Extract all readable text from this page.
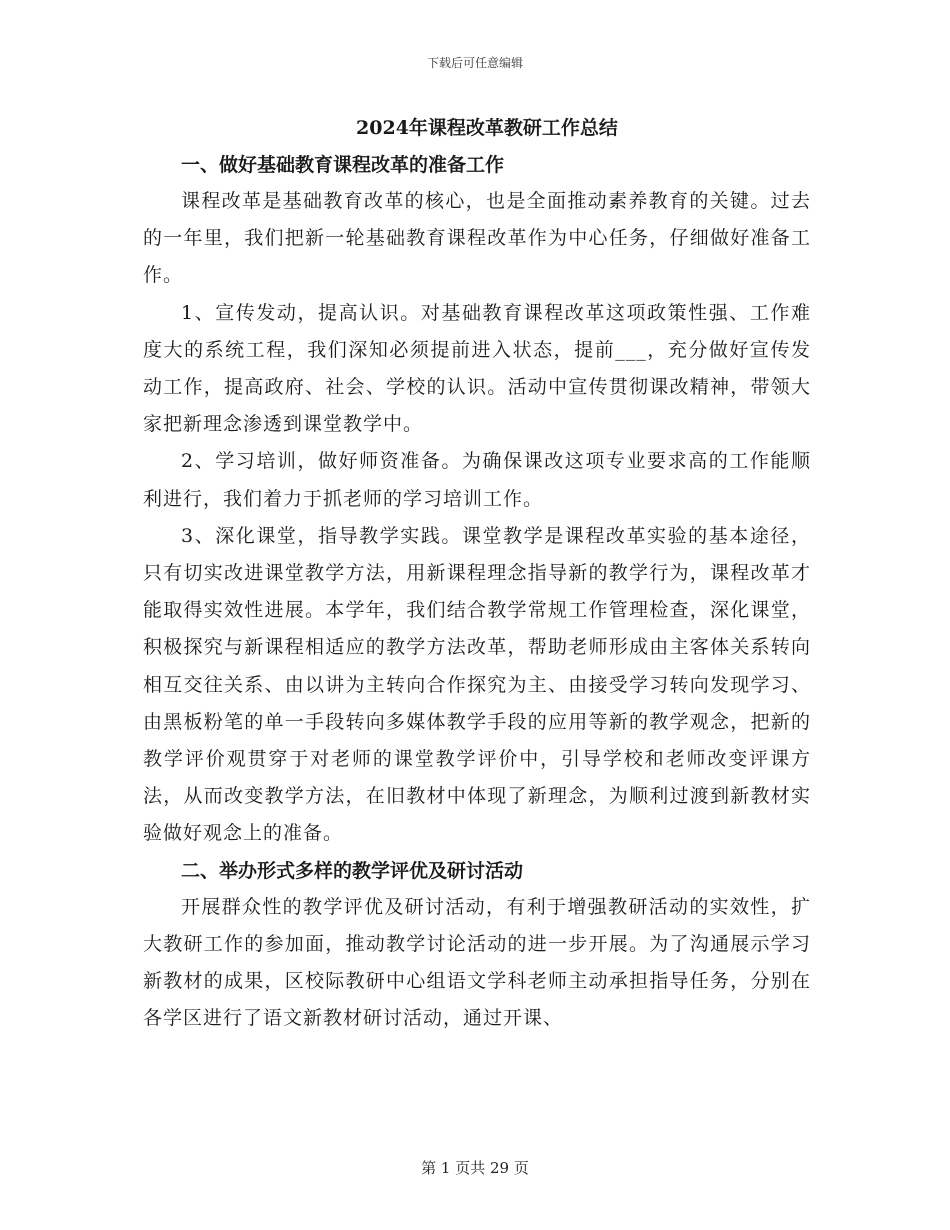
下载后可任意编辑
2024年课程改革教研工作总结

一、做好基础教育课程改革的准备工作

课程改革是基础教育改革的核心，也是全面推动素养教育的关键。过去的一年里，我们把新一轮基础教育课程改革作为中心任务，仔细做好准备工作。

1、宣传发动，提高认识。对基础教育课程改革这项政策性强、工作难度大的系统工程，我们深知必须提前进入状态，提前___，充分做好宣传发动工作，提高政府、社会、学校的认识。活动中宣传贯彻课改精神，带领大家把新理念渗透到课堂教学中。

2、学习培训，做好师资准备。为确保课改这项专业要求高的工作能顺利进行，我们着力于抓老师的学习培训工作。

3、深化课堂，指导教学实践。课堂教学是课程改革实验的基本途径，只有切实改进课堂教学方法，用新课程理念指导新的教学行为，课程改革才能取得实效性进展。本学年，我们结合教学常规工作管理检查，深化课堂，积极探究与新课程相适应的教学方法改革，帮助老师形成由主客体关系转向相互交往关系、由以讲为主转向合作探究为主、由接受学习转向发现学习、由黑板粉笔的单一手段转向多媒体教学手段的应用等新的教学观念，把新的教学评价观贯穿于对老师的课堂教学评价中，引导学校和老师改变评课方法，从而改变教学方法，在旧教材中体现了新理念，为顺利过渡到新教材实验做好观念上的准备。

二、举办形式多样的教学评优及研讨活动

开展群众性的教学评优及研讨活动，有利于增强教研活动的实效性，扩大教研工作的参加面，推动教学讨论活动的进一步开展。为了沟通展示学习新教材的成果，区校际教研中心组语文学科老师主动承担指导任务，分别在各学区进行了语文新教材研讨活动，通过开课、

第 1 页共 29 页
